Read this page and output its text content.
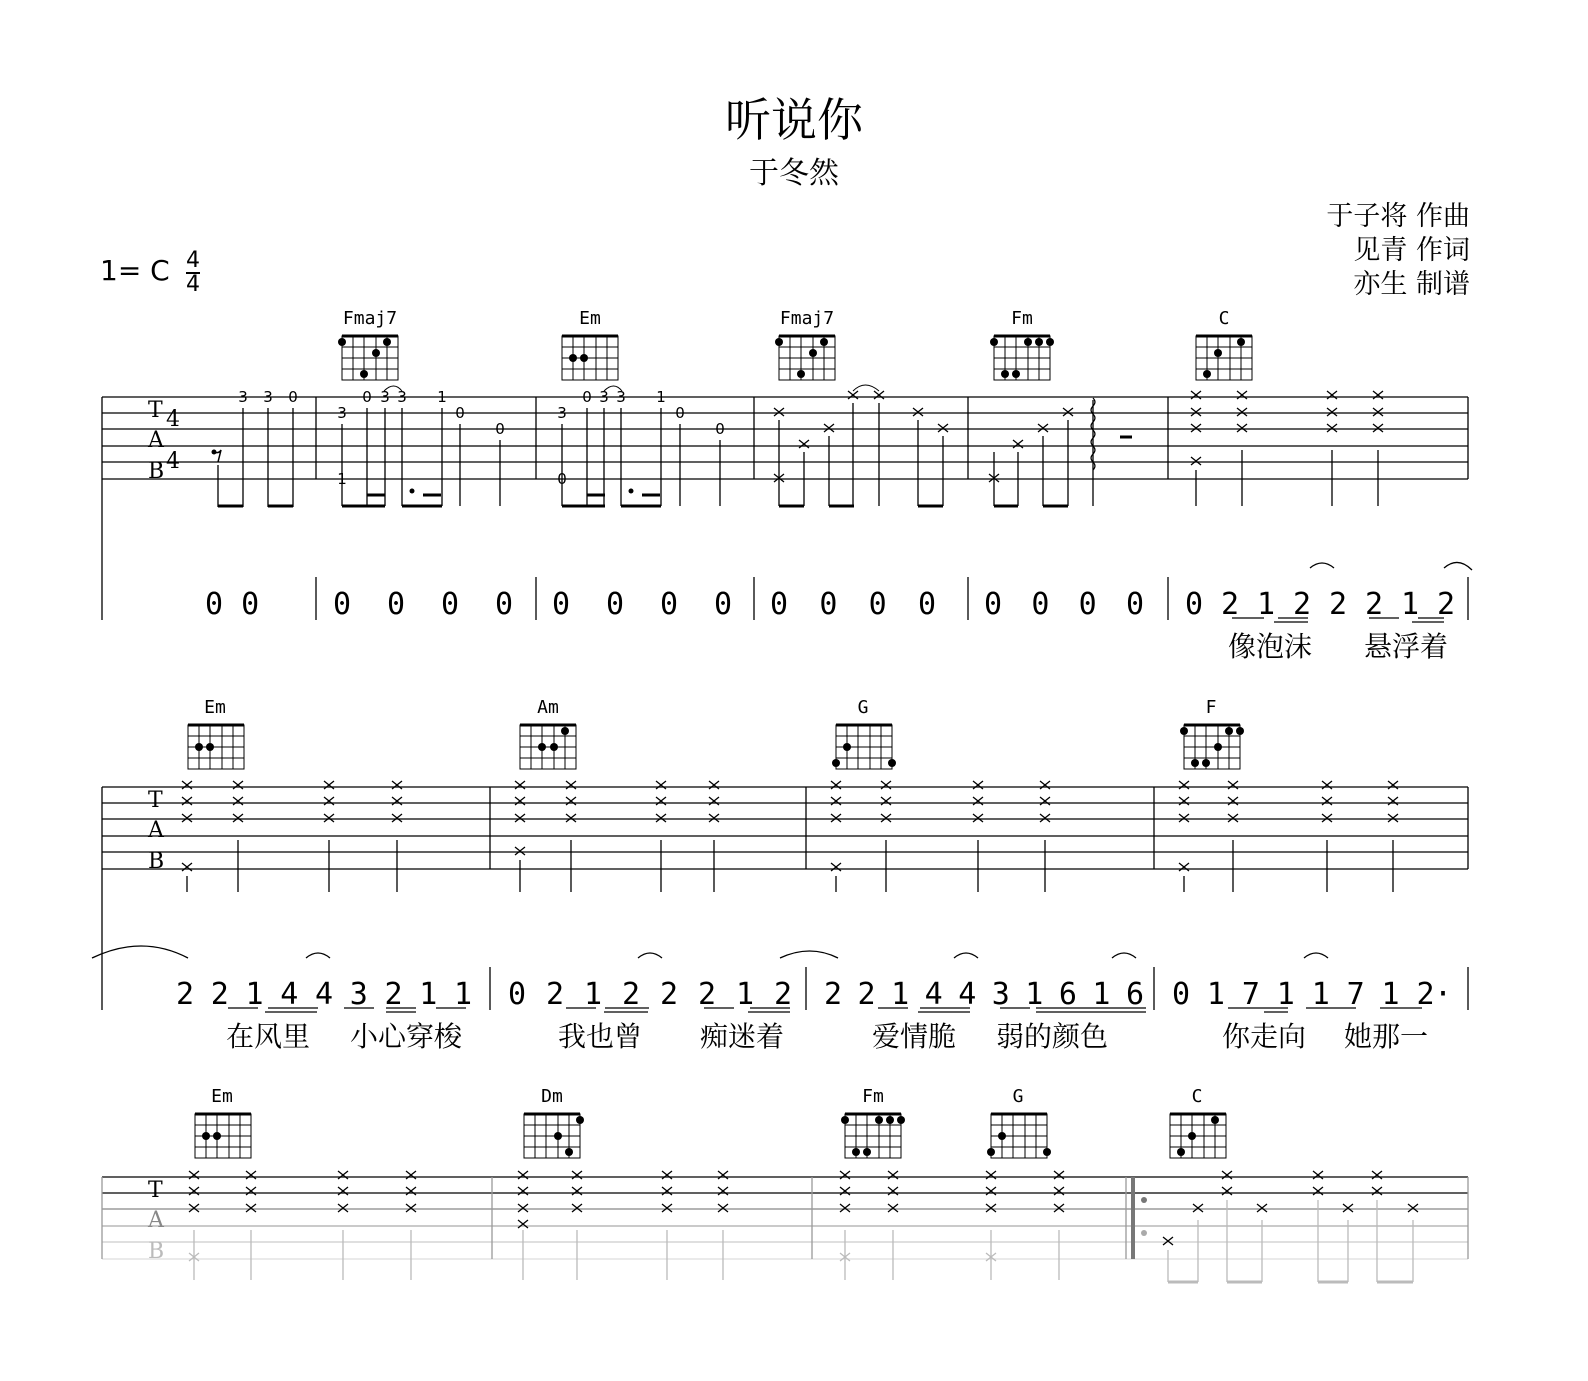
听说你
于冬然
于子将 作曲
见青 作词
亦生 制谱
1= C 4
4
T
A
B
4
4
Fmaj7	Em	Fmaj7	Fm	C
3 3 0
3
0 3 3 1
0
0
1
3
0 3 3 1
0
0
0
0 0 0 0 0 0 0 0 0 0 0 0 0 0 0 0 0 0 0 2 1 2 2 2 1 2
像泡沫 悬浮着
T
A
B
Em	Am	G	F
2 2 1 4 4 3 2 1 1 0 2 1 2 2 2 1 2 2 2 1 4 4 3 1 6 1 6 0 1 7 1 1 7 1 2·
在风里 小心穿梭	我也曾 痴迷着	爱情脆 弱的颜色	你走向 她那一
Em	Dm	Fm	G	C
T
A
B
